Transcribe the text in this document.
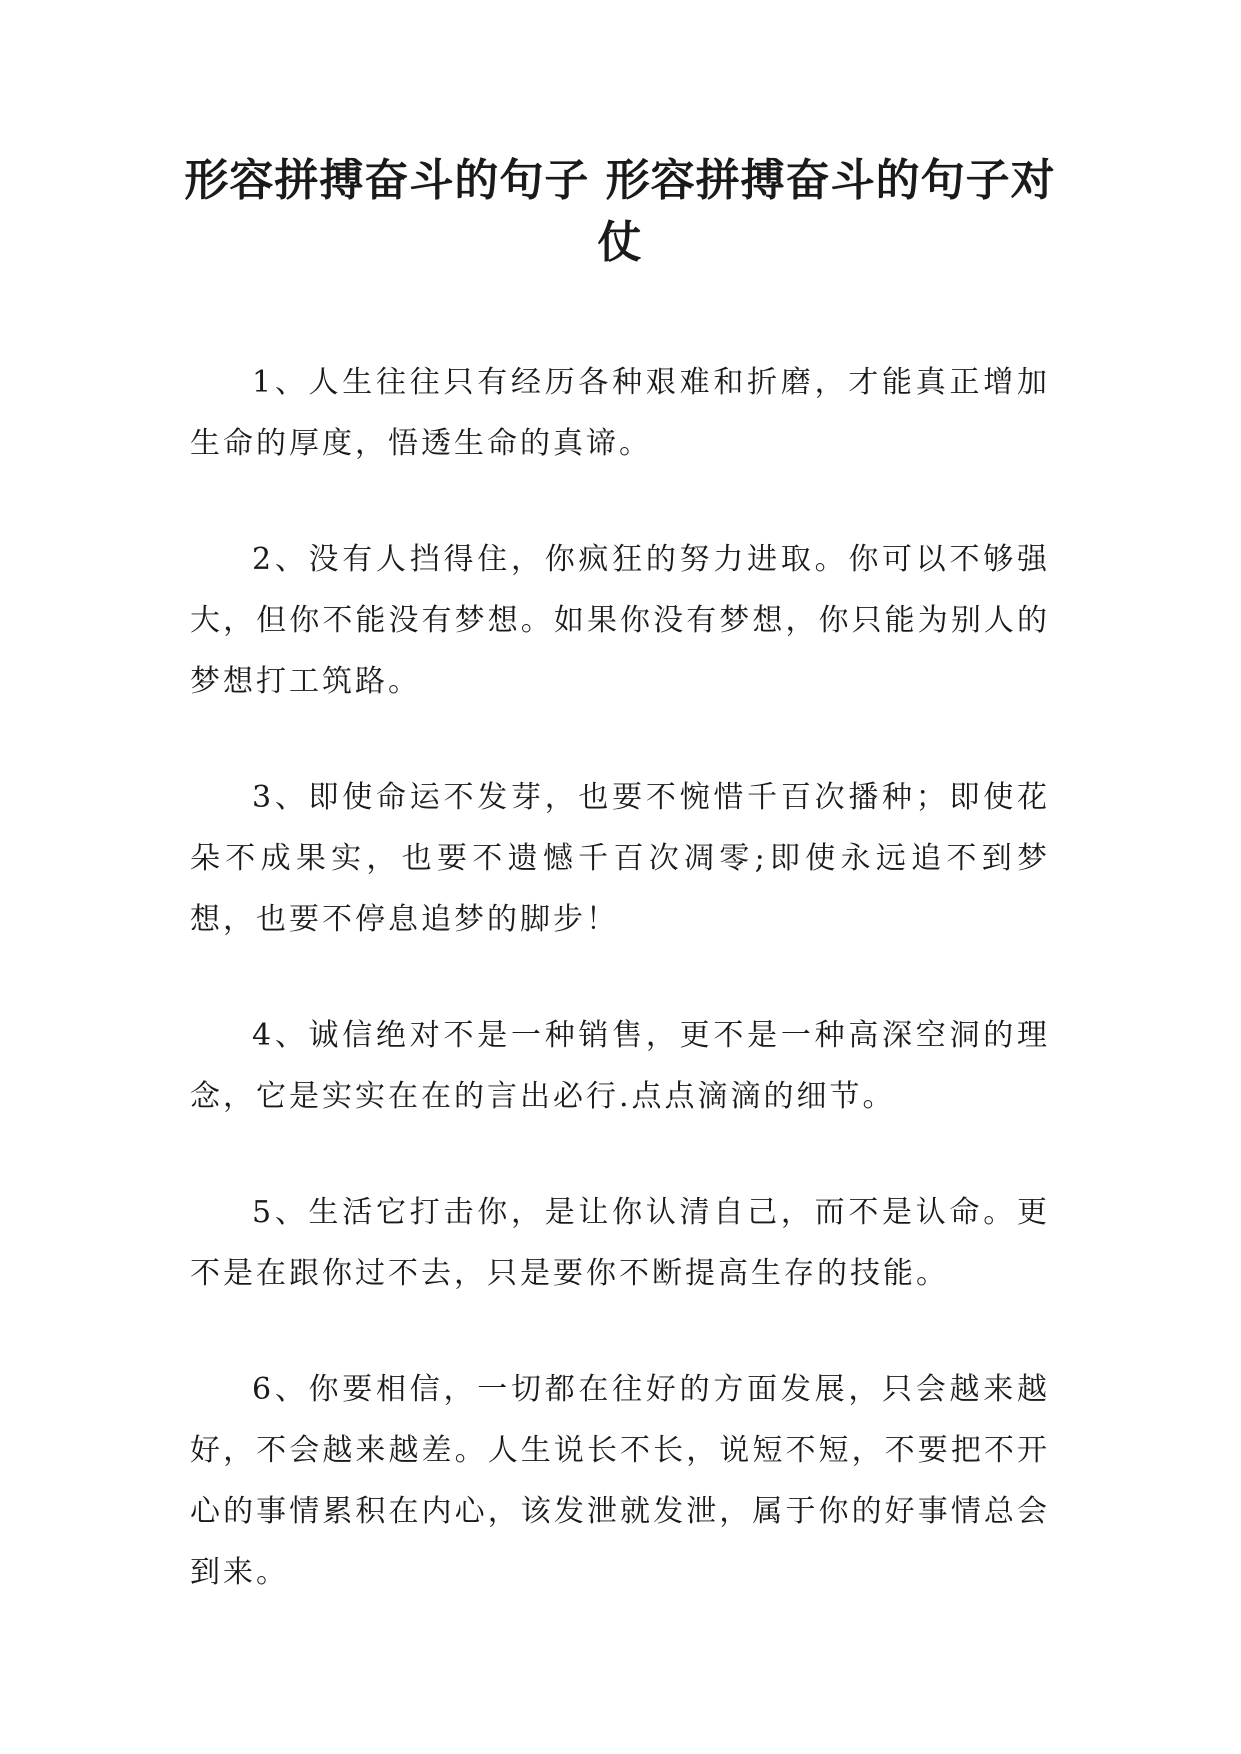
形容拼搏奋斗的句子 形容拼搏奋斗的句子对仗

1、人生往往只有经历各种艰难和折磨，才能真正增加生命的厚度，悟透生命的真谛。

2、没有人挡得住，你疯狂的努力进取。你可以不够强大，但你不能没有梦想。如果你没有梦想，你只能为别人的梦想打工筑路。

3、即使命运不发芽，也要不惋惜千百次播种；即使花朵不成果实，也要不遗憾千百次凋零;即使永远追不到梦想，也要不停息追梦的脚步！

4、诚信绝对不是一种销售，更不是一种高深空洞的理念，它是实实在在的言出必行.点点滴滴的细节。

5、生活它打击你，是让你认清自己，而不是认命。更不是在跟你过不去，只是要你不断提高生存的技能。

6、你要相信，一切都在往好的方面发展，只会越来越好，不会越来越差。人生说长不长，说短不短，不要把不开心的事情累积在内心，该发泄就发泄，属于你的好事情总会到来。
